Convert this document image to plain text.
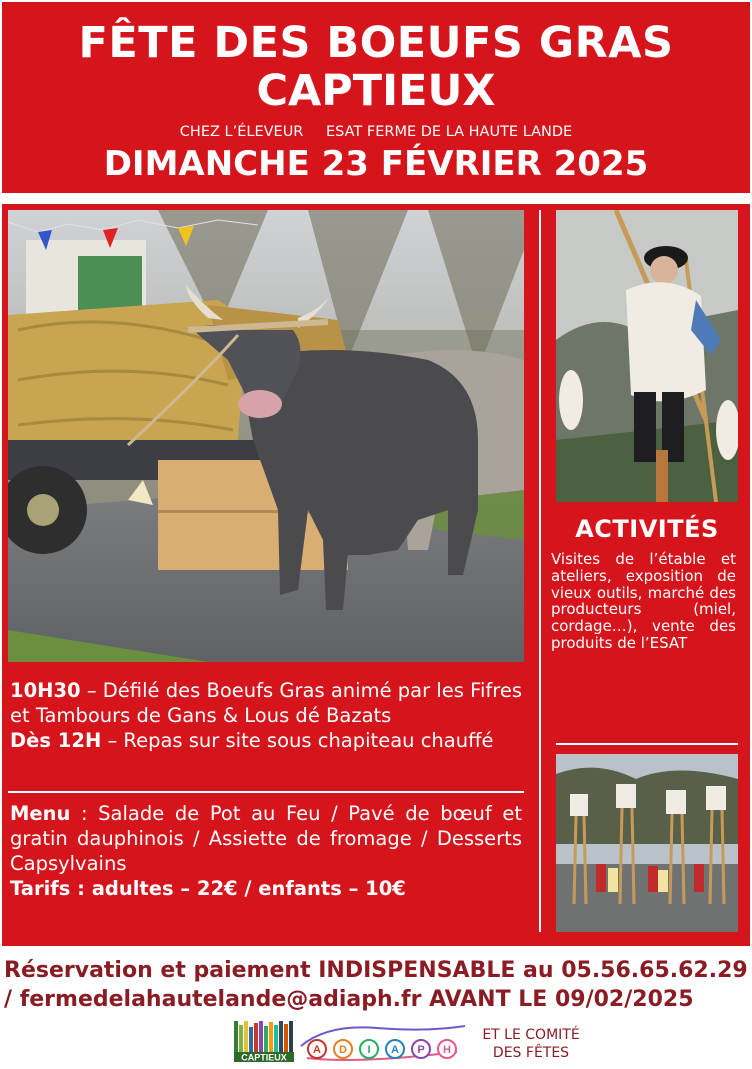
FÊTE DES BOEUFS GRAS
CAPTIEUX
CHEZ L’ÉLEVEUR ESAT FERME DE LA HAUTE LANDE
DIMANCHE 23 FÉVRIER 2025
10H30 – Défilé des Boeufs Gras animé par les Fifres et Tambours de Gans & Lous dé Bazats
Dès 12H – Repas sur site sous chapiteau chauffé
Menu : Salade de Pot au Feu / Pavé de bœuf et gratin dauphinois / Assiette de fromage / Desserts Capsylvains
Tarifs : adultes – 22€ / enfants – 10€
ACTIVITÉS
Visites de l’étable et ateliers, exposition de vieux outils, marché des producteurs (miel, cordage…), vente des produits de l’ESAT
Réservation et paiement INDISPENSABLE au 05.56.65.62.29
/ fermedelahautelande@adiaph.fr AVANT LE 09/02/2025
CAPTIEUX
A D I A P H
ET LE COMITÉ
DES FÊTES
